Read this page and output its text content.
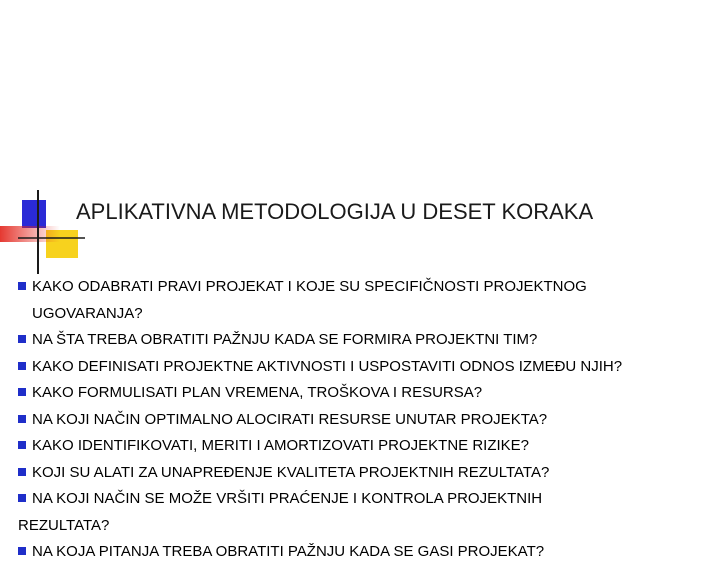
APLIKATIVNA METODOLOGIJA U DESET KORAKA
KAKO ODABRATI PRAVI PROJEKAT I KOJE SU SPECIFIČNOSTI PROJEKTNOG
UGOVARANJA?
NA ŠTA TREBA OBRATITI PAŽNJU KADA SE FORMIRA PROJEKTNI TIM?
KAKO DEFINISATI PROJEKTNE AKTIVNOSTI I USPOSTAVITI ODNOS IZMEĐU NJIH?
KAKO FORMULISATI PLAN VREMENA, TROŠKOVA I RESURSA?
NA KOJI NAČIN OPTIMALNO ALOCIRATI RESURSE UNUTAR PROJEKTA?
KAKO IDENTIFIKOVATI, MERITI I AMORTIZOVATI PROJEKTNE RIZIKE?
KOJI SU ALATI ZA UNAPREĐENJE KVALITETA PROJEKTNIH REZULTATA?
NA KOJI NAČIN SE MOŽE VRŠITI PRAĆENJE I KONTROLA PROJEKTNIH
REZULTATA?
NA KOJA PITANJA TREBA OBRATITI PAŽNJU KADA SE GASI PROJEKAT?
